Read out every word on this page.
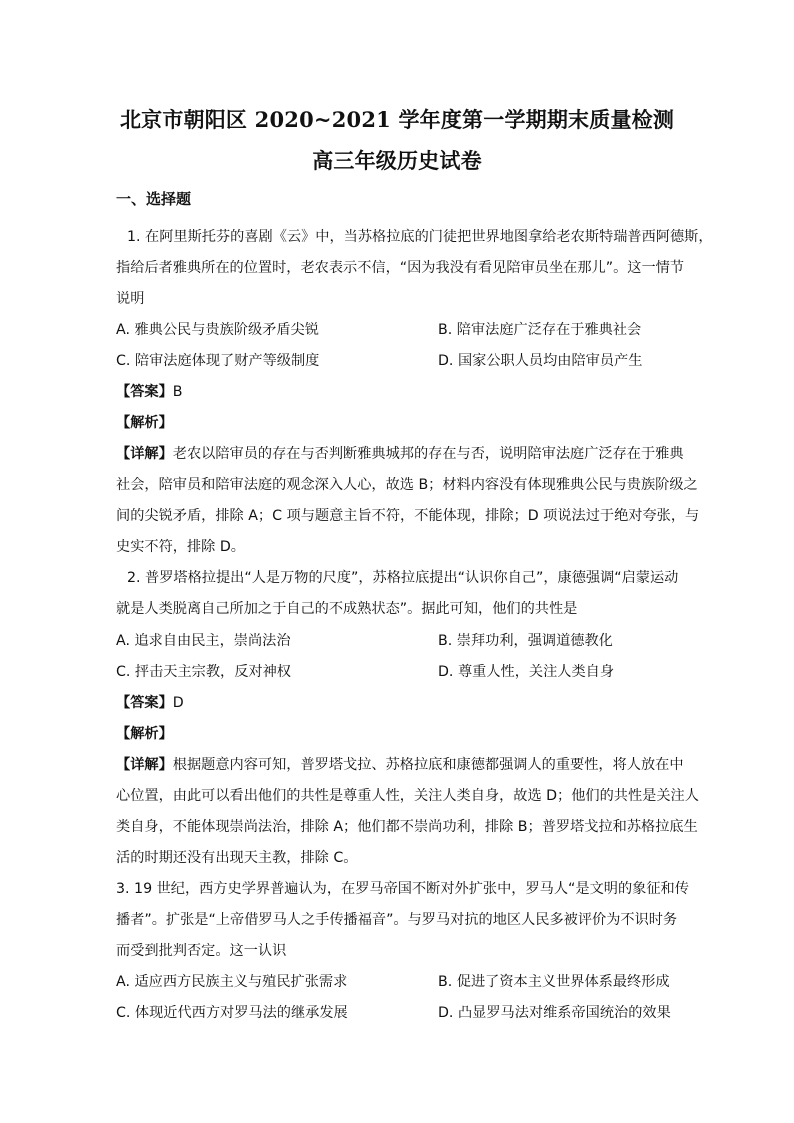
北京市朝阳区 2020~2021 学年度第一学期期末质量检测
高三年级历史试卷
一、选择题
1. 在阿里斯托芬的喜剧《云》中，当苏格拉底的门徒把世界地图拿给老农斯特瑞普西阿德斯，
指给后者雅典所在的位置时，老农表示不信，“因为我没有看见陪审员坐在那儿”。这一情节
说明
A. 雅典公民与贵族阶级矛盾尖锐	B. 陪审法庭广泛存在于雅典社会
C. 陪审法庭体现了财产等级制度	D. 国家公职人员均由陪审员产生
【答案】B
【解析】
【详解】老农以陪审员的存在与否判断雅典城邦的存在与否，说明陪审法庭广泛存在于雅典
社会，陪审员和陪审法庭的观念深入人心，故选 B；材料内容没有体现雅典公民与贵族阶级之
间的尖锐矛盾，排除 A；C 项与题意主旨不符，不能体现，排除；D 项说法过于绝对夸张，与
史实不符，排除 D。
2. 普罗塔格拉提出“人是万物的尺度”，苏格拉底提出“认识你自己”，康德强调“启蒙运动
就是人类脱离自己所加之于自己的不成熟状态”。据此可知，他们的共性是
A. 追求自由民主，崇尚法治	B. 崇拜功利，强调道德教化
C. 抨击天主宗教，反对神权	D. 尊重人性，关注人类自身
【答案】D
【解析】
【详解】根据题意内容可知，普罗塔戈拉、苏格拉底和康德都强调人的重要性，将人放在中
心位置，由此可以看出他们的共性是尊重人性，关注人类自身，故选 D；他们的共性是关注人
类自身，不能体现崇尚法治，排除 A；他们都不崇尚功利，排除 B；普罗塔戈拉和苏格拉底生
活的时期还没有出现天主教，排除 C。
3. 19 世纪，西方史学界普遍认为，在罗马帝国不断对外扩张中，罗马人“是文明的象征和传
播者”。扩张是“上帝借罗马人之手传播福音”。与罗马对抗的地区人民多被评价为不识时务
而受到批判否定。这一认识
A. 适应西方民族主义与殖民扩张需求	B. 促进了资本主义世界体系最终形成
C. 体现近代西方对罗马法的继承发展	D. 凸显罗马法对维系帝国统治的效果
